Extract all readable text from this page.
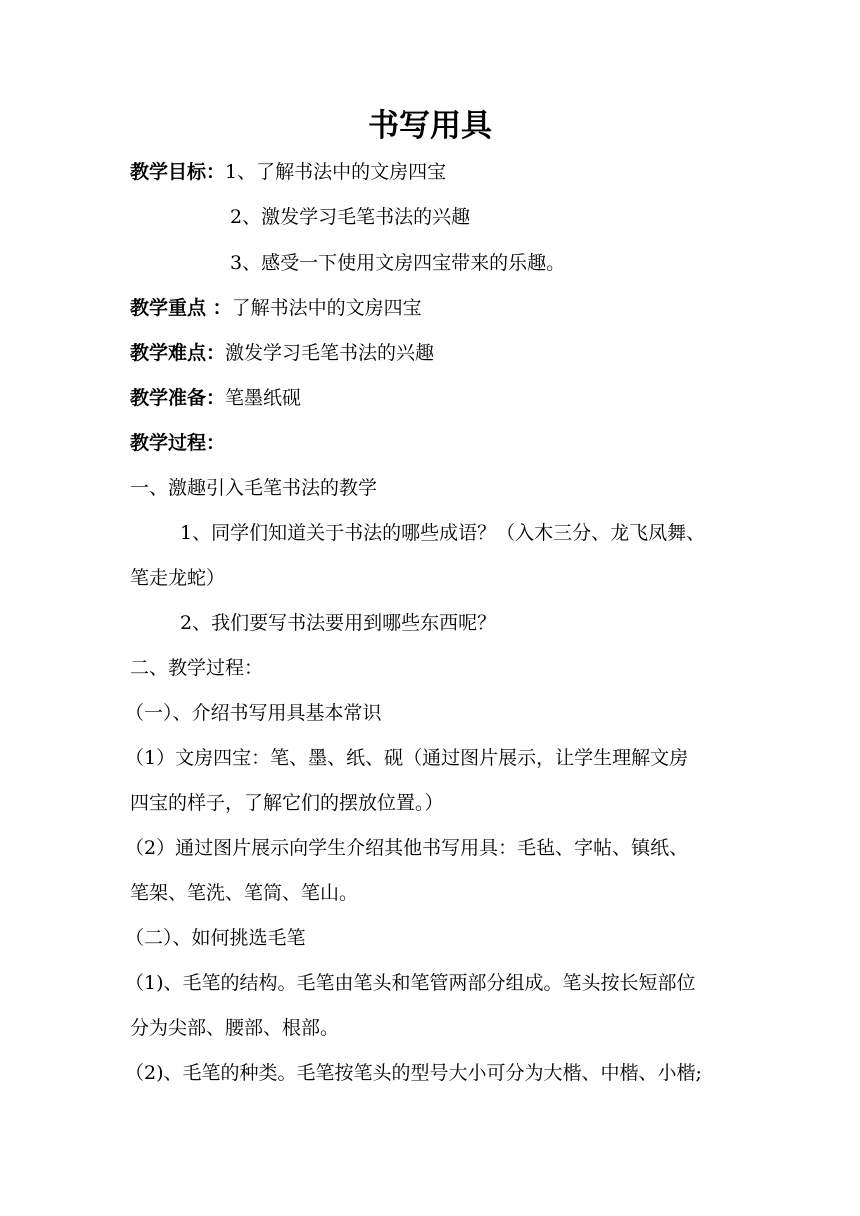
书写用具
教学目标：1、了解书法中的文房四宝
2、激发学习毛笔书法的兴趣
3、感受一下使用文房四宝带来的乐趣。
教学重点 ：了解书法中的文房四宝
教学难点：激发学习毛笔书法的兴趣
教学准备：笔墨纸砚
教学过程：
一、激趣引入毛笔书法的教学
1、同学们知道关于书法的哪些成语？（入木三分、龙飞凤舞、
笔走龙蛇）
2、我们要写书法要用到哪些东西呢？
二、教学过程：
（一）、介绍书写用具基本常识
（1）文房四宝：笔、墨、纸、砚（通过图片展示，让学生理解文房
四宝的样子，了解它们的摆放位置。）
（2）通过图片展示向学生介绍其他书写用具：毛毡、字帖、镇纸、
笔架、笔洗、笔筒、笔山。
（二）、如何挑选毛笔
（1)、毛笔的结构。毛笔由笔头和笔管两部分组成。笔头按长短部位
分为尖部、腰部、根部。
（2)、毛笔的种类。毛笔按笔头的型号大小可分为大楷、中楷、小楷;
